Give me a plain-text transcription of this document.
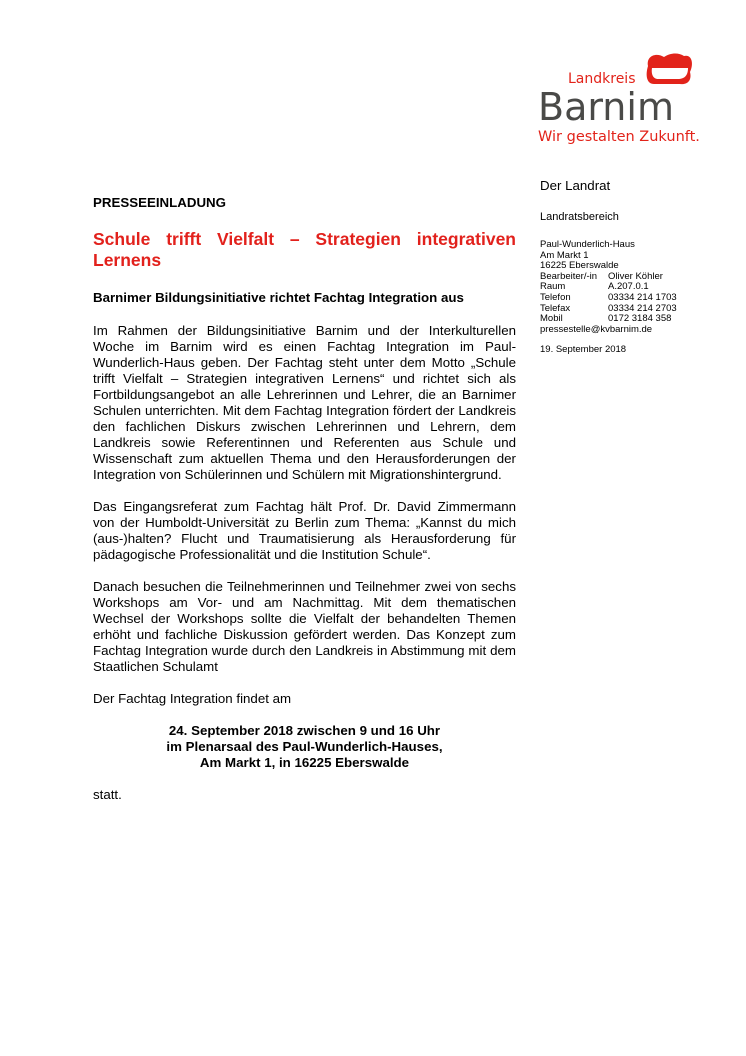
Landkreis
Barnim
Wir gestalten Zukunft.
Der Landrat
Landratsbereich
Paul-Wunderlich-Haus
Am Markt 1
16225 Eberswalde
Bearbeiter/-in	Oliver Köhler
Raum	A.207.0.1
Telefon	03334 214 1703
Telefax	03334 214 2703
Mobil	0172 3184 358
pressestelle@kvbarnim.de
19. September 2018
PRESSEEINLADUNG
Schule trifft Vielfalt – Strategien integrativen Lernens
Barnimer Bildungsinitiative richtet Fachtag Integration aus

Im Rahmen der Bildungsinitiative Barnim und der Interkulturellen Woche im Barnim wird es einen Fachtag Integration im Paul-Wunderlich-Haus geben. Der Fachtag steht unter dem Motto „Schule trifft Vielfalt – Strategien integrativen Lernens“ und richtet sich als Fortbildungsangebot an alle Lehrerinnen und Lehrer, die an Barnimer Schulen unterrichten. Mit dem Fachtag Integration fördert der Landkreis den fachlichen Diskurs zwischen Lehrerinnen und Lehrern, dem Landkreis sowie Referentinnen und Referenten aus Schule und Wissenschaft zum aktuellen Thema und den Herausforderungen der Integration von Schülerinnen und Schülern mit Migrationshintergrund.

Das Eingangsreferat zum Fachtag hält Prof. Dr. David Zimmermann von der Humboldt-Universität zu Berlin zum Thema: „Kannst du mich (aus-)halten? Flucht und Traumatisierung als Herausforderung für pädagogische Professionalität und die Institution Schule“.

Danach besuchen die Teilnehmerinnen und Teilnehmer zwei von sechs Workshops am Vor- und am Nachmittag. Mit dem thematischen Wechsel der Workshops sollte die Vielfalt der behandelten Themen erhöht und fachliche Diskussion gefördert werden. Das Konzept zum Fachtag Integration wurde durch den Landkreis in Abstimmung mit dem Staatlichen Schulamt

Der Fachtag Integration findet am

24. September 2018 zwischen 9 und 16 Uhr
im Plenarsaal des Paul-Wunderlich-Hauses,
Am Markt 1, in 16225 Eberswalde

statt.
